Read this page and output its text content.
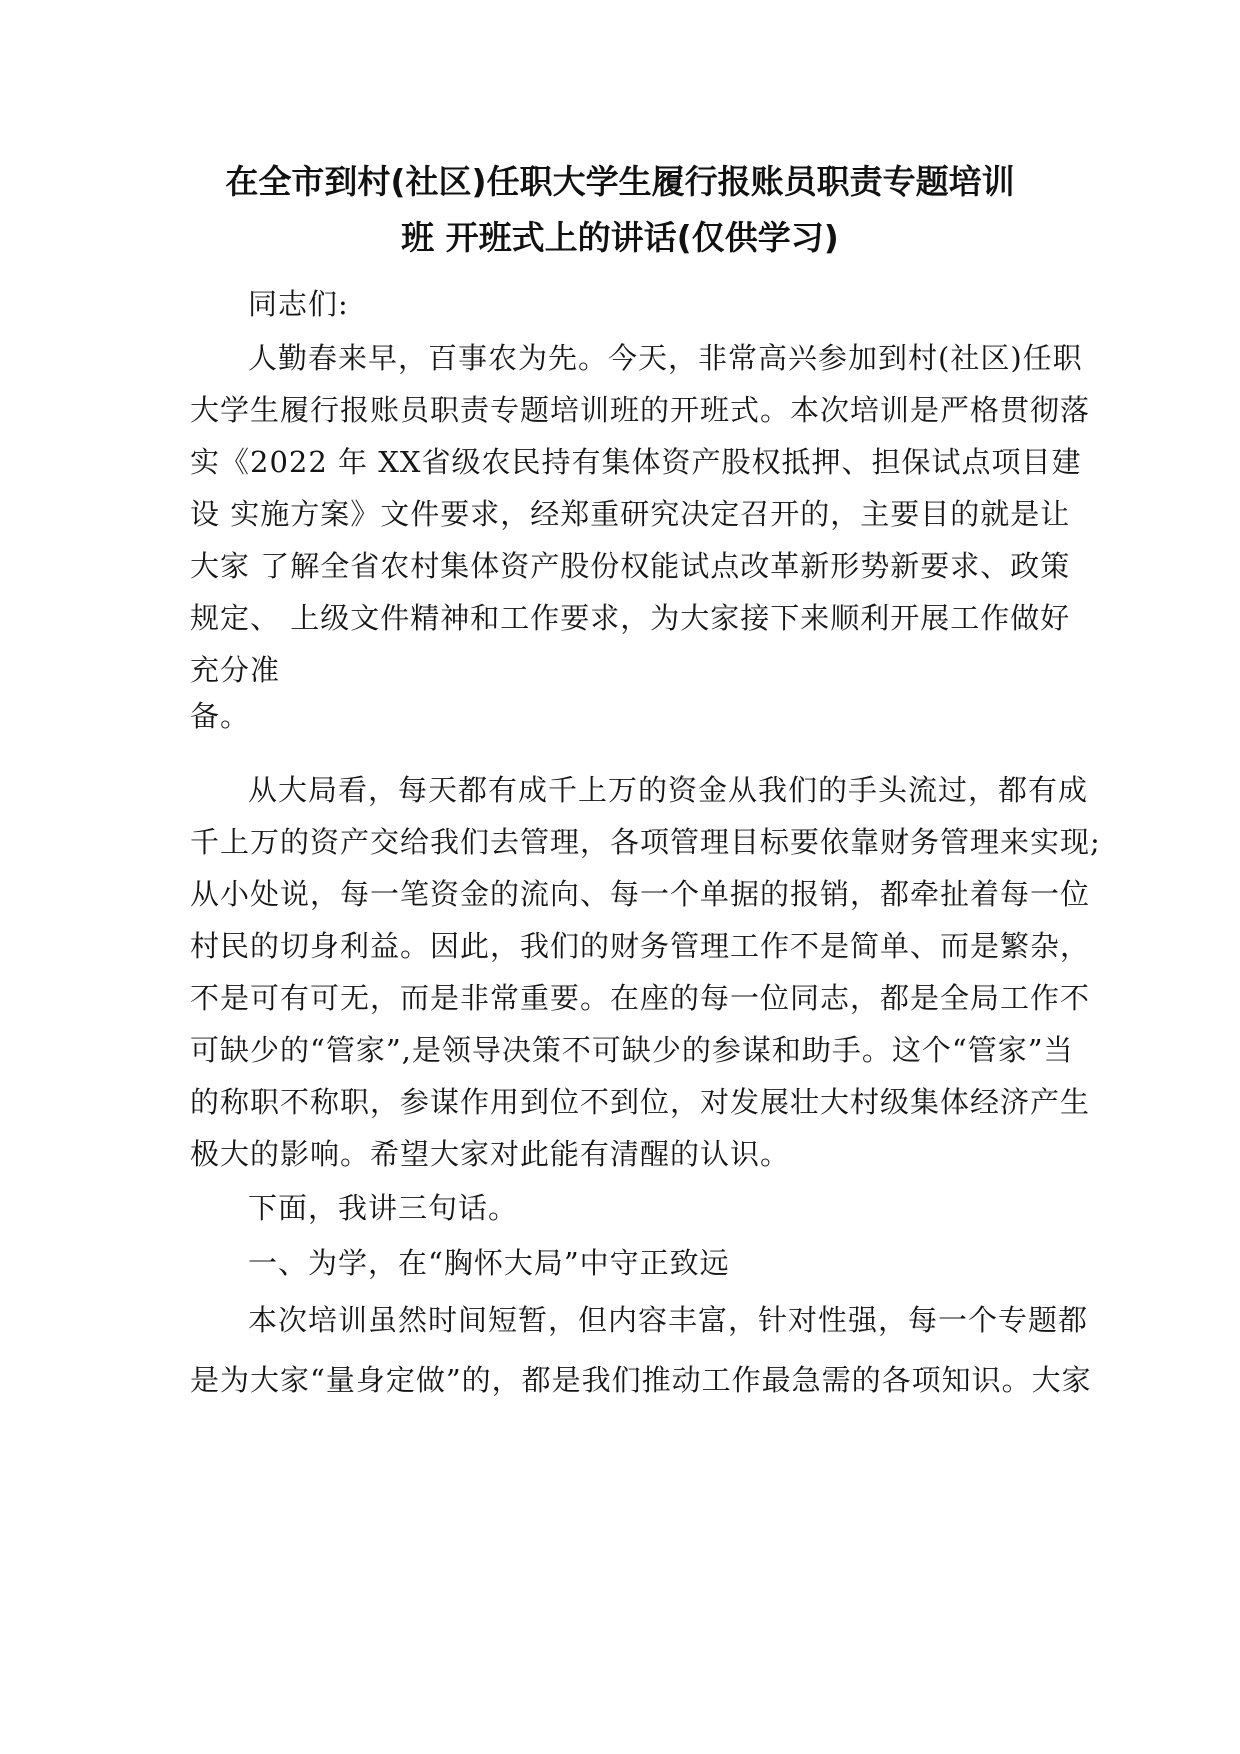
在全市到村(社区)任职大学生履行报账员职责专题培训
班 开班式上的讲话(仅供学习)
同志们:
人勤春来早，百事农为先。今天，非常高兴参加到村(社区)任职
大学生履行报账员职责专题培训班的开班式。本次培训是严格贯彻落
实《2022 年 XX省级农民持有集体资产股权抵押、担保试点项目建
设 实施方案》文件要求，经郑重研究决定召开的，主要目的就是让
大家 了解全省农村集体资产股份权能试点改革新形势新要求、政策
规定、 上级文件精神和工作要求，为大家接下来顺利开展工作做好
充分准
备。
从大局看，每天都有成千上万的资金从我们的手头流过，都有成
千上万的资产交给我们去管理，各项管理目标要依靠财务管理来实现;
从小处说，每一笔资金的流向、每一个单据的报销，都牵扯着每一位
村民的切身利益。因此，我们的财务管理工作不是简单、而是繁杂，
不是可有可无，而是非常重要。在座的每一位同志，都是全局工作不
可缺少的“管家”,是领导决策不可缺少的参谋和助手。这个“管家”当
的称职不称职，参谋作用到位不到位，对发展壮大村级集体经济产生
极大的影响。希望大家对此能有清醒的认识。
下面，我讲三句话。
一、为学，在“胸怀大局”中守正致远
本次培训虽然时间短暂，但内容丰富，针对性强，每一个专题都
是为大家“量身定做”的，都是我们推动工作最急需的各项知识。大家
